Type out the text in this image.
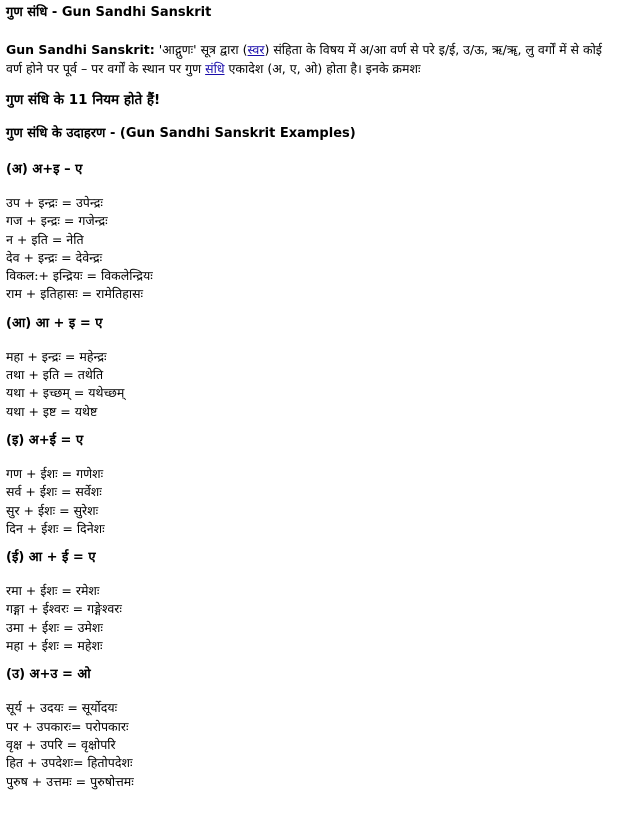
गुण संधि - Gun Sandhi Sanskrit

Gun Sandhi Sanskrit: 'आद्गुणः' सूत्र द्वारा (स्वर) संहिता के विषय में अ/आ वर्ण से परे इ/ई, उ/ऊ, ऋ/ॠ, लु वर्गों में से कोई वर्ण होने पर पूर्व – पर वर्गों के स्थान पर गुण संधि एकादेश (अ, ए, ओ) होता है। इनके क्रमशः

गुण संधि के 11 नियम होते हैं!
गुण संधि के उदाहरण - (Gun Sandhi Sanskrit Examples)
(अ) अ+इ – ए
उप + इन्द्रः = उपेन्द्रः
गज + इन्द्रः = गजेन्द्रः
न + इति = नेति
देव + इन्द्रः = देवेन्द्रः
विकल:+ इन्द्रियः = विकलेन्द्रियः
राम + इतिहासः = रामेतिहासः
(आ) आ + इ = ए
महा + इन्द्रः = महेन्द्रः
तथा + इति = तथेति
यथा + इच्छम् = यथेच्छम्
यथा + इष्ट = यथेष्ट
(इ) अ+ई = ए
गण + ईशः = गणेशः
सर्व + ईशः = सर्वेशः
सुर + ईशः = सुरेशः
दिन + ईशः = दिनेशः
(ई) आ + ई = ए
रमा + ईशः = रमेशः
गङ्गा + ईश्वरः = गङ्गेश्वरः
उमा + ईशः = उमेशः
महा + ईशः = महेशः
(उ) अ+उ = ओ
सूर्य + उदयः = सूर्योदयः
पर + उपकारः= परोपकारः
वृक्ष + उपरि = वृक्षोपरि
हित + उपदेशः= हितोपदेशः
पुरुष + उत्तमः = पुरुषोत्तमः
